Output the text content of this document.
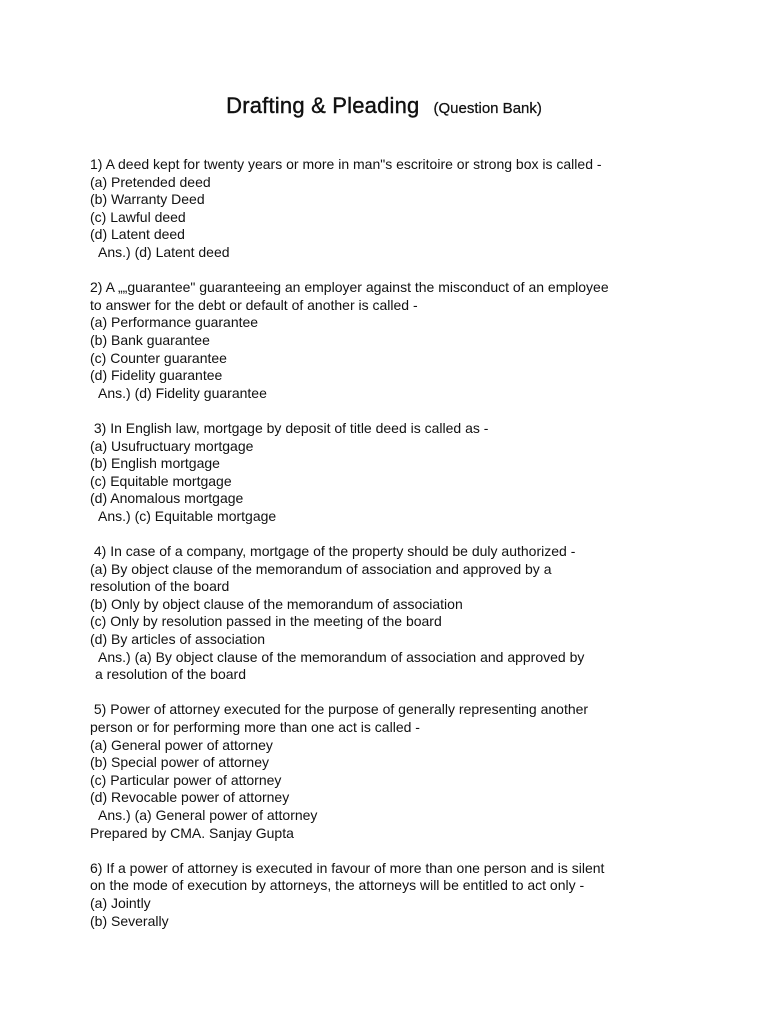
Drafting & Pleading (Question Bank)
1) A deed kept for twenty years or more in man"s escritoire or strong box is called -
(a) Pretended deed
(b) Warranty Deed
(c) Lawful deed
(d) Latent deed
Ans.) (d) Latent deed
2) A „„guarantee" guaranteeing an employer against the misconduct of an employee
to answer for the debt or default of another is called -
(a) Performance guarantee
(b) Bank guarantee
(c) Counter guarantee
(d) Fidelity guarantee
Ans.) (d) Fidelity guarantee
3) In English law, mortgage by deposit of title deed is called as -
(a) Usufructuary mortgage
(b) English mortgage
(c) Equitable mortgage
(d) Anomalous mortgage
Ans.) (c) Equitable mortgage
4) In case of a company, mortgage of the property should be duly authorized -
(a) By object clause of the memorandum of association and approved by a
resolution of the board
(b) Only by object clause of the memorandum of association
(c) Only by resolution passed in the meeting of the board
(d) By articles of association
Ans.) (a) By object clause of the memorandum of association and approved by
a resolution of the board
5) Power of attorney executed for the purpose of generally representing another
person or for performing more than one act is called -
(a) General power of attorney
(b) Special power of attorney
(c) Particular power of attorney
(d) Revocable power of attorney
Ans.) (a) General power of attorney
Prepared by CMA. Sanjay Gupta
6) If a power of attorney is executed in favour of more than one person and is silent
on the mode of execution by attorneys, the attorneys will be entitled to act only -
(a) Jointly
(b) Severally
